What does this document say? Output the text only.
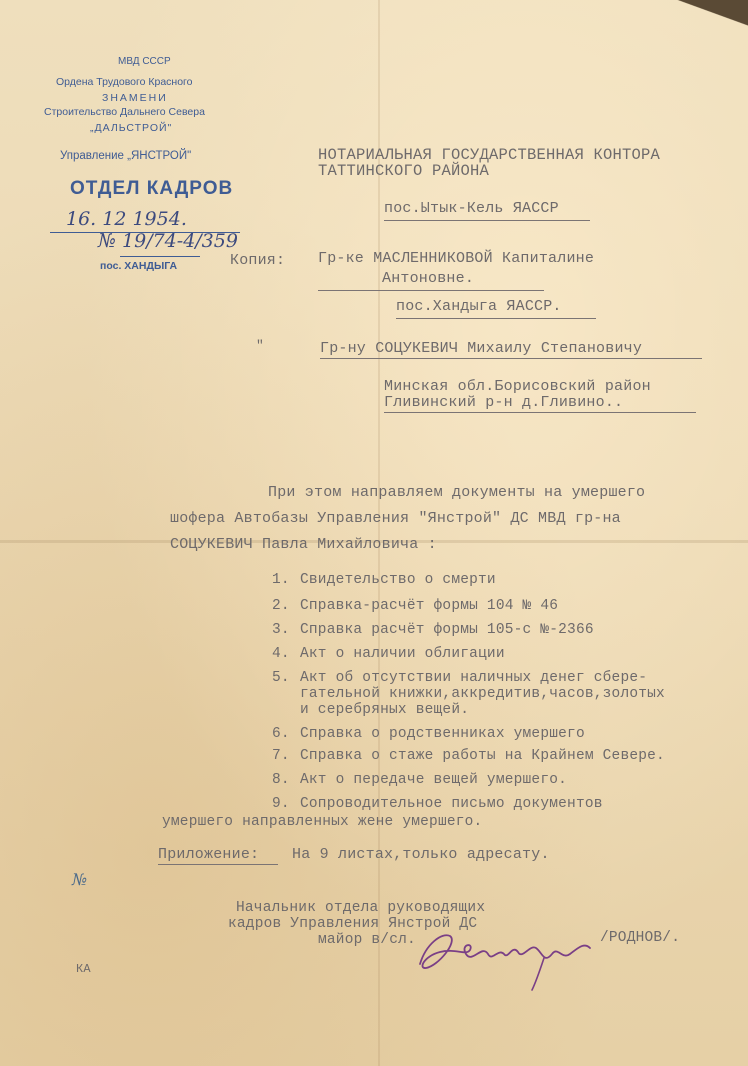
МВД СССР
Ордена Трудового Красного
ЗНАМЕНИ
Строительство Дальнего Севера
„ДАЛЬСТРОЙ"
Управление „ЯНСТРОЙ"
ОТДЕЛ КАДРОВ
16. 12 1954.
№ 19/74-4/359
пос. ХАНДЫГА
НОТАРИАЛЬНАЯ ГОСУДАРСТВЕННАЯ КОНТОРА
ТАТТИНСКОГО РАЙОНА
пос.Ытык-Кель ЯАССР
Копия: Гр-ке МАСЛЕННИКОВОЙ Капиталине
Антоновне.
пос.Хандыга ЯАССР.
"	Гр-ну СОЦУКЕВИЧ Михаилу Степановичу
Минская обл.Борисовский район
Гливинский р-н д.Гливино..
При этом направляем документы на умершего
шофера Автобазы Управления "Янстрой" ДС МВД гр-на
СОЦУКЕВИЧ Павла Михайловича :
1. Свидетельство о смерти
2. Справка-расчёт формы 104 № 46
3. Справка расчёт формы 105-с №-2366
4. Акт о наличии облигации
5. Акт об отсутствии наличных денег сбере-
гательной книжки,аккредитив,часов,золотых
и серебряных вещей.
6. Справка о родственниках умершего
7. Справка о стаже работы на Крайнем Севере.
8. Акт о передаче вещей умершего.
9. Сопроводительное письмо документов
умершего направленных жене умершего.
Приложение: На 9 листах,только адресату.
Начальник отдела руководящих
кадров Управления Янстрой ДС
майор в/сл.	/РОДНОВ/.
№
КА
